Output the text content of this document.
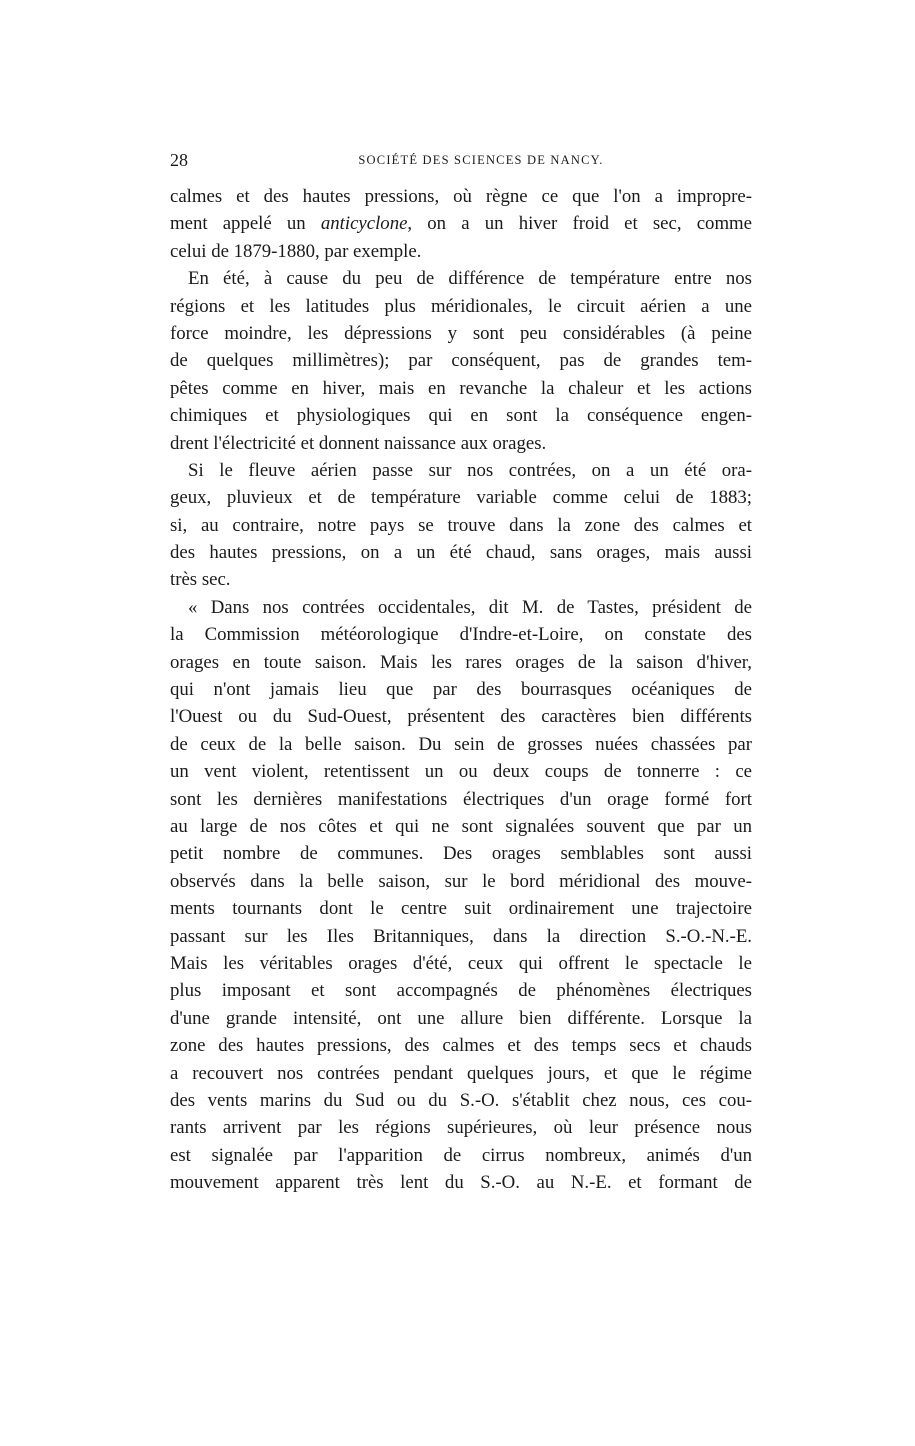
28	SOCIÉTÉ DES SCIENCES DE NANCY.
calmes et des hautes pressions, où règne ce que l'on a impropre-
ment appelé un anticyclone, on a un hiver froid et sec, comme
celui de 1879-1880, par exemple.
En été, à cause du peu de différence de température entre nos
régions et les latitudes plus méridionales, le circuit aérien a une
force moindre, les dépressions y sont peu considérables (à peine
de quelques millimètres); par conséquent, pas de grandes tem-
pêtes comme en hiver, mais en revanche la chaleur et les actions
chimiques et physiologiques qui en sont la conséquence engen-
drent l'électricité et donnent naissance aux orages.
Si le fleuve aérien passe sur nos contrées, on a un été ora-
geux, pluvieux et de température variable comme celui de 1883;
si, au contraire, notre pays se trouve dans la zone des calmes et
des hautes pressions, on a un été chaud, sans orages, mais aussi
très sec.
« Dans nos contrées occidentales, dit M. de Tastes, président de
la Commission météorologique d'Indre-et-Loire, on constate des
orages en toute saison. Mais les rares orages de la saison d'hiver,
qui n'ont jamais lieu que par des bourrasques océaniques de
l'Ouest ou du Sud-Ouest, présentent des caractères bien différents
de ceux de la belle saison. Du sein de grosses nuées chassées par
un vent violent, retentissent un ou deux coups de tonnerre : ce
sont les dernières manifestations électriques d'un orage formé fort
au large de nos côtes et qui ne sont signalées souvent que par un
petit nombre de communes. Des orages semblables sont aussi
observés dans la belle saison, sur le bord méridional des mouve-
ments tournants dont le centre suit ordinairement une trajectoire
passant sur les Iles Britanniques, dans la direction S.-O.-N.-E.
Mais les véritables orages d'été, ceux qui offrent le spectacle le
plus imposant et sont accompagnés de phénomènes électriques
d'une grande intensité, ont une allure bien différente. Lorsque la
zone des hautes pressions, des calmes et des temps secs et chauds
a recouvert nos contrées pendant quelques jours, et que le régime
des vents marins du Sud ou du S.-O. s'établit chez nous, ces cou-
rants arrivent par les régions supérieures, où leur présence nous
est signalée par l'apparition de cirrus nombreux, animés d'un
mouvement apparent très lent du S.-O. au N.-E. et formant de
